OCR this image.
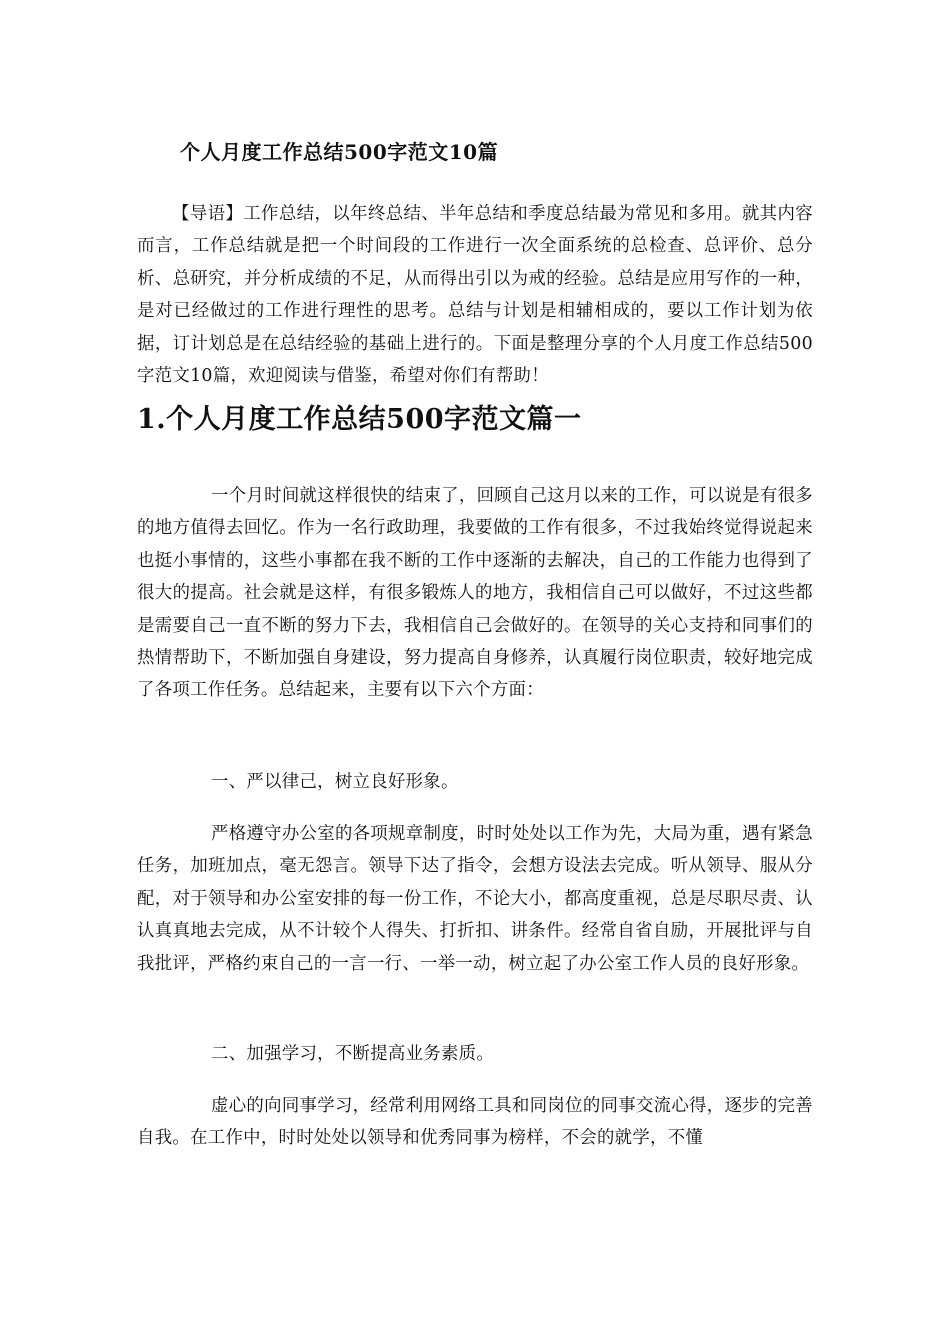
个人月度工作总结500字范文10篇

【导语】工作总结，以年终总结、半年总结和季度总结最为常见和多用。就其内容而言，工作总结就是把一个时间段的工作进行一次全面系统的总检查、总评价、总分析、总研究，并分析成绩的不足，从而得出引以为戒的经验。总结是应用写作的一种，是对已经做过的工作进行理性的思考。总结与计划是相辅相成的，要以工作计划为依据，订计划总是在总结经验的基础上进行的。下面是整理分享的个人月度工作总结500字范文10篇，欢迎阅读与借鉴，希望对你们有帮助！

1.个人月度工作总结500字范文篇一

一个月时间就这样很快的结束了，回顾自己这月以来的工作，可以说是有很多的地方值得去回忆。作为一名行政助理，我要做的工作有很多，不过我始终觉得说起来也挺小事情的，这些小事都在我不断的工作中逐渐的去解决，自己的工作能力也得到了很大的提高。社会就是这样，有很多锻炼人的地方，我相信自己可以做好，不过这些都是需要自己一直不断的努力下去，我相信自己会做好的。在领导的关心支持和同事们的热情帮助下，不断加强自身建设，努力提高自身修养，认真履行岗位职责，较好地完成了各项工作任务。总结起来，主要有以下六个方面：

一、严以律己，树立良好形象。

严格遵守办公室的各项规章制度，时时处处以工作为先，大局为重，遇有紧急任务，加班加点，毫无怨言。领导下达了指令，会想方设法去完成。听从领导、服从分配，对于领导和办公室安排的每一份工作，不论大小，都高度重视，总是尽职尽责、认认真真地去完成，从不计较个人得失、打折扣、讲条件。经常自省自励，开展批评与自我批评，严格约束自己的一言一行、一举一动，树立起了办公室工作人员的良好形象。

二、加强学习，不断提高业务素质。

虚心的向同事学习，经常利用网络工具和同岗位的同事交流心得，逐步的完善自我。在工作中，时时处处以领导和优秀同事为榜样，不会的就学，不懂
